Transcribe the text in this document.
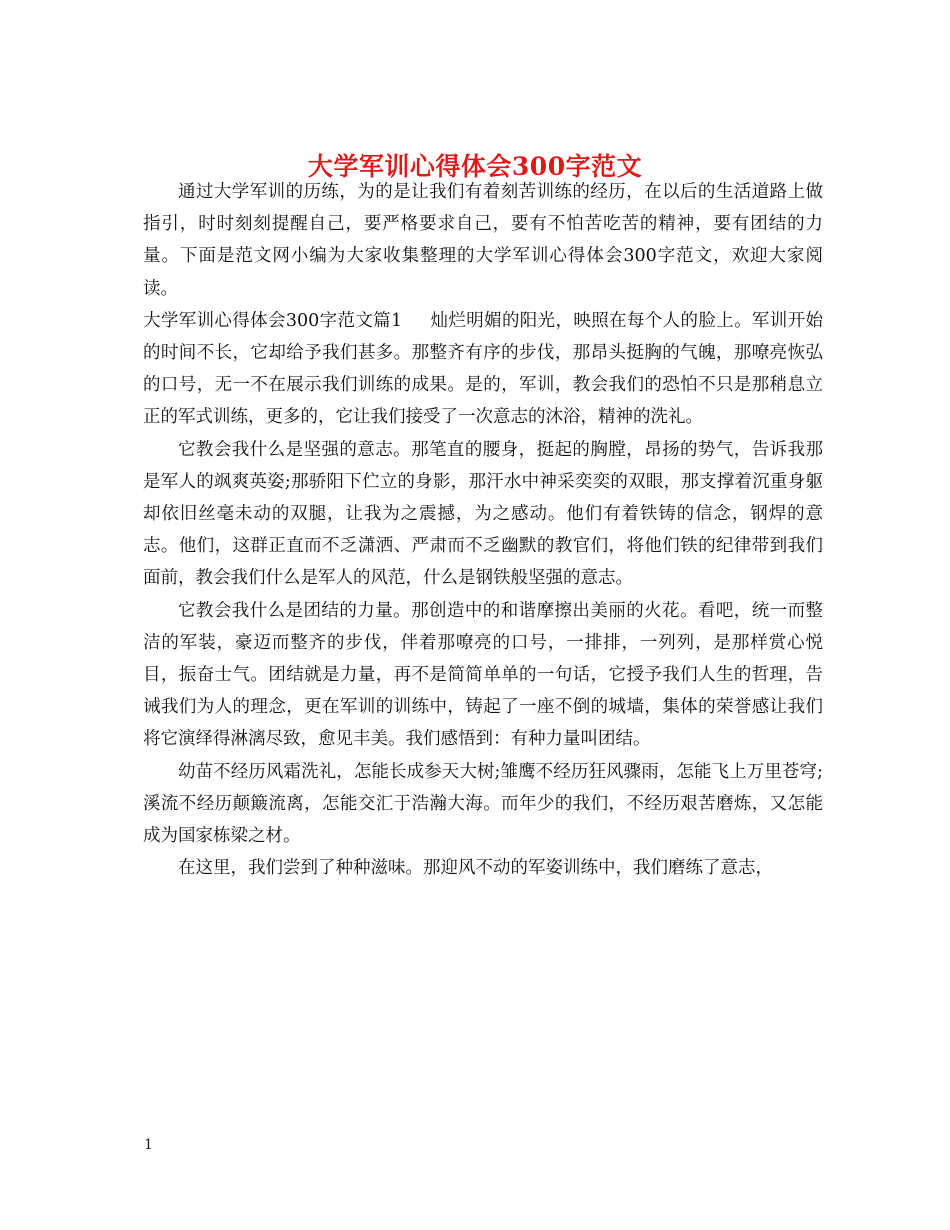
大学军训心得体会300字范文

通过大学军训的历练，为的是让我们有着刻苦训练的经历，在以后的生活道路上做指引，时时刻刻提醒自己，要严格要求自己，要有不怕苦吃苦的精神，要有团结的力量。下面是范文网小编为大家收集整理的大学军训心得体会300字范文，欢迎大家阅读。

大学军训心得体会300字范文篇1 灿烂明媚的阳光，映照在每个人的脸上。军训开始的时间不长，它却给予我们甚多。那整齐有序的步伐，那昂头挺胸的气魄，那嘹亮恢弘的口号，无一不在展示我们训练的成果。是的，军训，教会我们的恐怕不只是那稍息立正的军式训练，更多的，它让我们接受了一次意志的沐浴，精神的洗礼。

它教会我什么是坚强的意志。那笔直的腰身，挺起的胸膛，昂扬的势气，告诉我那是军人的飒爽英姿;那骄阳下伫立的身影，那汗水中神采奕奕的双眼，那支撑着沉重身躯却依旧丝毫未动的双腿，让我为之震撼，为之感动。他们有着铁铸的信念，钢焊的意志。他们，这群正直而不乏潇洒、严肃而不乏幽默的教官们，将他们铁的纪律带到我们面前，教会我们什么是军人的风范，什么是钢铁般坚强的意志。

它教会我什么是团结的力量。那创造中的和谐摩擦出美丽的火花。看吧，统一而整洁的军装，豪迈而整齐的步伐，伴着那嘹亮的口号，一排排，一列列，是那样赏心悦目，振奋士气。团结就是力量，再不是简简单单的一句话，它授予我们人生的哲理，告诫我们为人的理念，更在军训的训练中，铸起了一座不倒的城墙，集体的荣誉感让我们将它演绎得淋漓尽致，愈见丰美。我们感悟到：有种力量叫团结。

幼苗不经历风霜洗礼，怎能长成参天大树;雏鹰不经历狂风骤雨，怎能飞上万里苍穹;溪流不经历颠簸流离，怎能交汇于浩瀚大海。而年少的我们，不经历艰苦磨炼，又怎能成为国家栋梁之材。

在这里，我们尝到了种种滋味。那迎风不动的军姿训练中，我们磨练了意志，

1
